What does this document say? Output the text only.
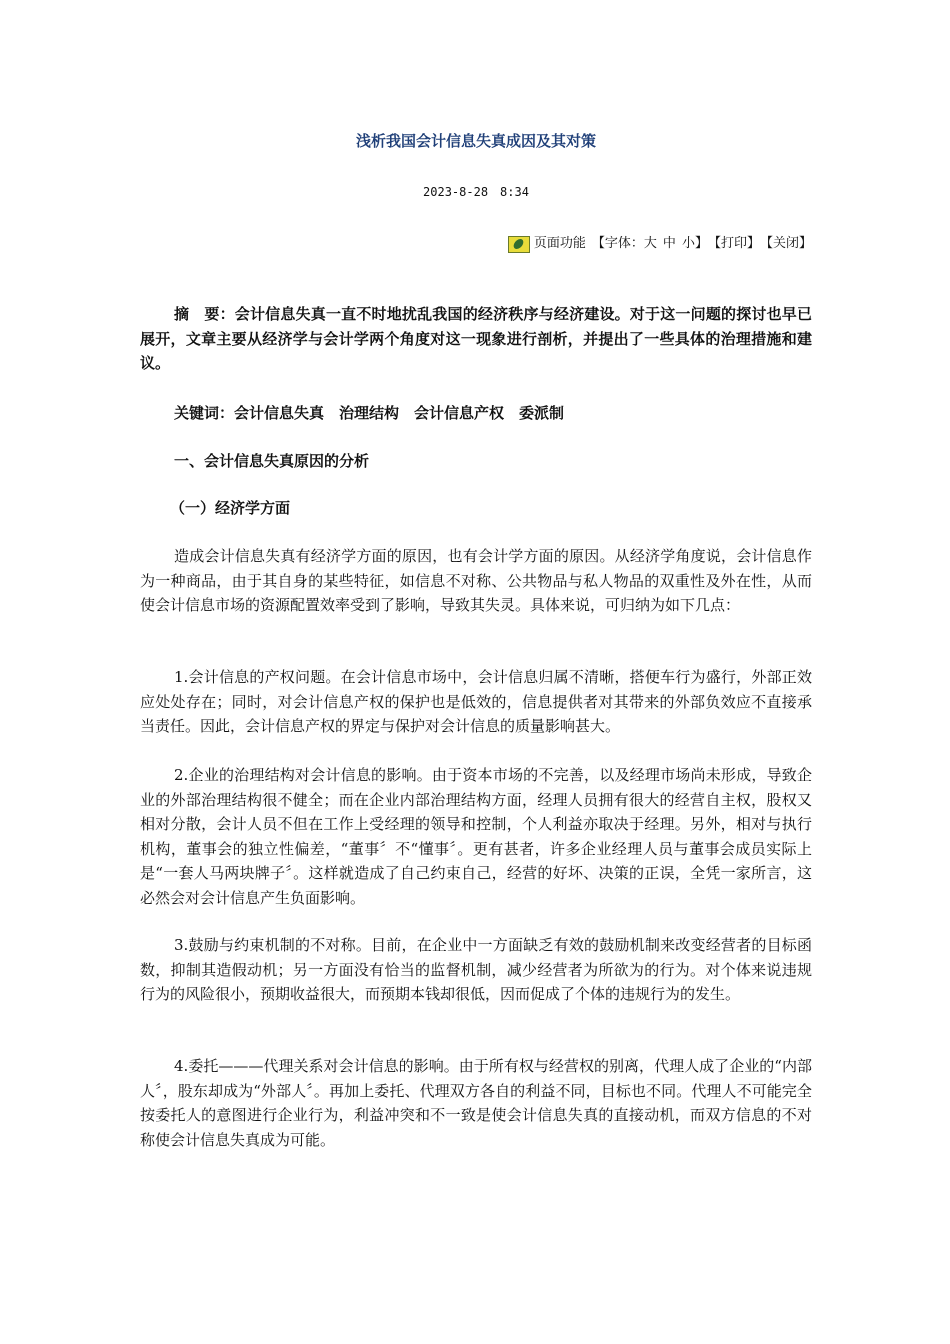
浅析我国会计信息失真成因及其对策
2023-8-28　8:34
页面功能 【字体： 大 中 小 】 【打印】 【关闭】

摘　要：会计信息失真一直不时地扰乱我国的经济秩序与经济建设。对于这一问题的探讨也早已展开，文章主要从经济学与会计学两个角度对这一现象进行剖析，并提出了一些具体的治理措施和建议。

关键词：会计信息失真　治理结构　会计信息产权　委派制

一、会计信息失真原因的分析

（一）经济学方面

造成会计信息失真有经济学方面的原因，也有会计学方面的原因。从经济学角度说，会计信息作为一种商品，由于其自身的某些特征，如信息不对称、公共物品与私人物品的双重性及外在性，从而使会计信息市场的资源配置效率受到了影响，导致其失灵。具体来说，可归纳为如下几点：

1.会计信息的产权问题。在会计信息市场中，会计信息归属不清晰，搭便车行为盛行，外部正效应处处存在；同时，对会计信息产权的保护也是低效的，信息提供者对其带来的外部负效应不直接承当责任。因此，会计信息产权的界定与保护对会计信息的质量影响甚大。

2.企业的治理结构对会计信息的影响。由于资本市场的不完善，以及经理市场尚未形成，导致企业的外部治理结构很不健全；而在企业内部治理结构方面，经理人员拥有很大的经营自主权，股权又相对分散，会计人员不但在工作上受经理的领导和控制，个人利益亦取决于经理。另外，相对与执行机构，董事会的独立性偏差，“董事〞不“懂事〞。更有甚者，许多企业经理人员与董事会成员实际上是“一套人马两块牌子〞。这样就造成了自己约束自己，经营的好坏、决策的正误，全凭一家所言，这必然会对会计信息产生负面影响。

3.鼓励与约束机制的不对称。目前，在企业中一方面缺乏有效的鼓励机制来改变经营者的目标函数，抑制其造假动机；另一方面没有恰当的监督机制，减少经营者为所欲为的行为。对个体来说违规行为的风险很小，预期收益很大，而预期本钱却很低，因而促成了个体的违规行为的发生。

4.委托———代理关系对会计信息的影响。由于所有权与经营权的别离，代理人成了企业的“内部人〞，股东却成为“外部人〞。再加上委托、代理双方各自的利益不同，目标也不同。代理人不可能完全按委托人的意图进行企业行为，利益冲突和不一致是使会计信息失真的直接动机，而双方信息的不对称使会计信息失真成为可能。
